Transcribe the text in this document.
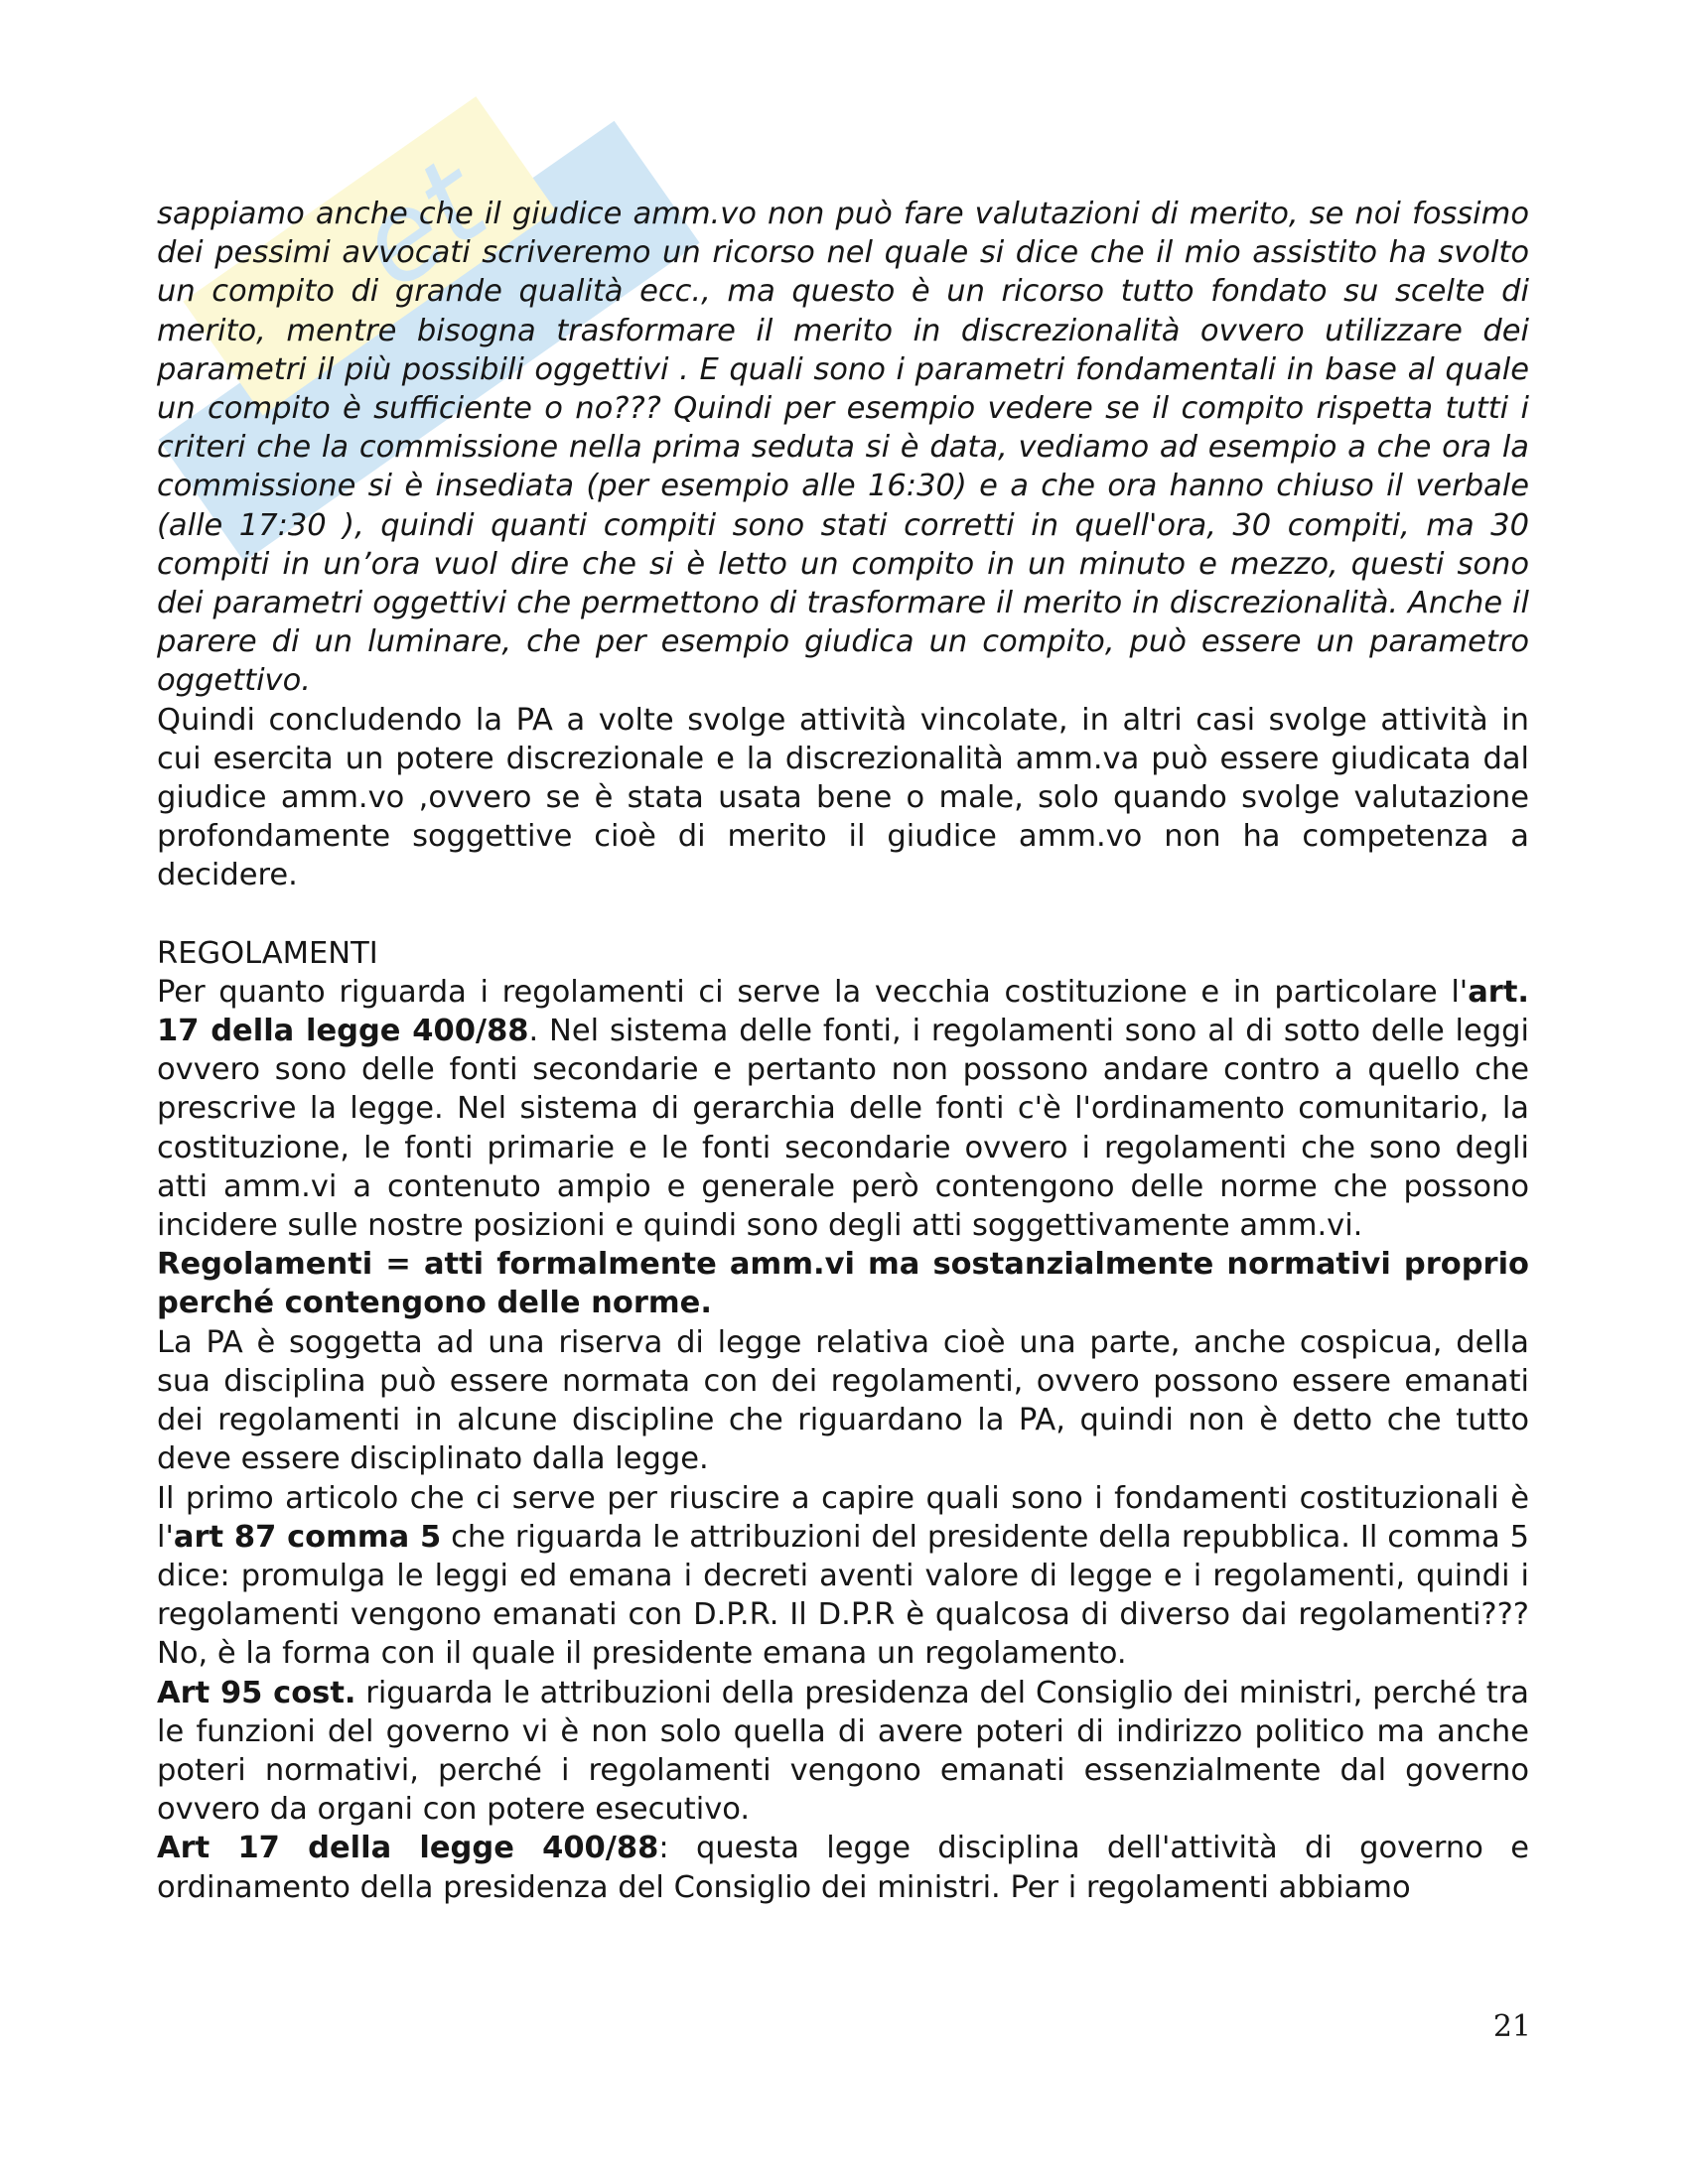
et

sappiamo anche che il giudice amm.vo non può fare valutazioni di merito, se noi fossimo dei pessimi avvocati scriveremo un ricorso nel quale si dice che il mio assistito ha svolto un compito di grande qualità ecc., ma questo è un ricorso tutto fondato su scelte di merito, mentre bisogna trasformare il merito in discrezionalità ovvero utilizzare dei parametri il più possibili oggettivi . E quali sono i parametri fondamentali in base al quale un compito è sufficiente o no??? Quindi per esempio vedere se il compito rispetta tutti i criteri che la commissione nella prima seduta si è data, vediamo ad esempio a che ora la commissione si è insediata (per esempio alle 16:30) e a che ora hanno chiuso il verbale (alle 17:30 ), quindi quanti compiti sono stati corretti in quell'ora, 30 compiti, ma 30 compiti in un’ora vuol dire che si è letto un compito in un minuto e mezzo, questi sono dei parametri oggettivi che permettono di trasformare il merito in discrezionalità. Anche il parere di un luminare, che per esempio giudica un compito, può essere un parametro oggettivo.

Quindi concludendo la PA a volte svolge attività vincolate, in altri casi svolge attività in cui esercita un potere discrezionale e la discrezionalità amm.va può essere giudicata dal giudice amm.vo ,ovvero se è stata usata bene o male, solo quando svolge valutazione profondamente soggettive cioè di merito il giudice amm.vo non ha competenza a decidere.

REGOLAMENTI

Per quanto riguarda i regolamenti ci serve la vecchia costituzione e in particolare l'art. 17 della legge 400/88. Nel sistema delle fonti, i regolamenti sono al di sotto delle leggi ovvero sono delle fonti secondarie e pertanto non possono andare contro a quello che prescrive la legge. Nel sistema di gerarchia delle fonti c'è l'ordinamento comunitario, la costituzione, le fonti primarie e le fonti secondarie ovvero i regolamenti che sono degli atti amm.vi a contenuto ampio e generale però contengono delle norme che possono incidere sulle nostre posizioni e quindi sono degli atti soggettivamente amm.vi.

Regolamenti = atti formalmente amm.vi ma sostanzialmente normativi proprio perché contengono delle norme.

La PA è soggetta ad una riserva di legge relativa cioè una parte, anche cospicua, della sua disciplina può essere normata con dei regolamenti, ovvero possono essere emanati dei regolamenti in alcune discipline che riguardano la PA, quindi non è detto che tutto deve essere disciplinato dalla legge.

Il primo articolo che ci serve per riuscire a capire quali sono i fondamenti costituzionali è l'art 87 comma 5 che riguarda le attribuzioni del presidente della repubblica. Il comma 5 dice: promulga le leggi ed emana i decreti aventi valore di legge e i regolamenti, quindi i regolamenti vengono emanati con D.P.R. Il D.P.R è qualcosa di diverso dai regolamenti??? No, è la forma con il quale il presidente emana un regolamento.

Art 95 cost. riguarda le attribuzioni della presidenza del Consiglio dei ministri, perché tra le funzioni del governo vi è non solo quella di avere poteri di indirizzo politico ma anche poteri normativi, perché i regolamenti vengono emanati essenzialmente dal governo ovvero da organi con potere esecutivo.

Art 17 della legge 400/88: questa legge disciplina dell'attività di governo e ordinamento della presidenza del Consiglio dei ministri. Per i regolamenti abbiamo

21
